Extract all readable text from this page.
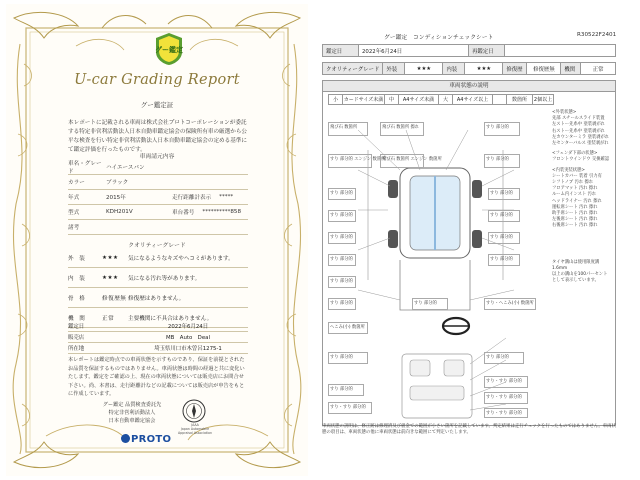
グー鑑定
U-car Grading Report
グー鑑定証
本レポートに記載される車両は株式会社プロトコーポレーションが委託する特定非営利活動法人日本自動車鑑定協会の保険所有車の厳選から公平な検査を行い特定非営利活動法人日本自動車鑑定協会の定める基準にて鑑定評価を行ったものです。
車両請元内容
車名・グレード
ハイエースバン
カラー	ブラック
年式	2015年	走行距離計表示 *****
型式	KDH201V	車台番号 **********858
諸考
クオリティーグレード
外　装	★★★	気になるようなキズやヘコミがあります。
内　装	★★★	気になる汚れ等があります。
骨　格	修復歴無 修復歴はありません。
機　関	正常	主要機関に不具合はありません。
鑑定日	2022年6月24日
販売店	MB　Auto　Deal
所在地	埼玉県川口市木曽呂1275-1
本レポートは鑑定時点での車両状態を示すものであり、保証を前提とされたお品質を保証するものではありません。車両状態は時間の経過と共に変化いたします。鑑定をご確認の上、現在の車両状態については販売店にお問合せ下さい。尚、本書は、走行距離計などの記載については販売店が申告をもとに作成しています。
グー鑑定 品質検査委託先
特定非営利活動法人
日本自動車鑑定協会
JAAA
Japan Automobile Appraisal Association
PROTO
グー鑑定　コンディションチェックシート	R30522F2401
鑑定日	2022年6月24日	再鑑定日	
クオリティーグレード	外装	★★★	内装	★★★	修復歴	修復歴無	機関	正常
車両状態の説明
小	カードサイズ未満	中	A4サイズ未満	大	A4サイズ以上	数箇所	2個以上
飛び石 数箇所	飛び石 数箇所 擦れ	すり 部分的
すり 部分的 エンジン 数箇所
飛び石 数箇所 エンジン 数箇所	すり 部分的
すり 部分的	すり 部分的
すり 部分的	すり 部分的
すり 部分的	すり 部分的
すり 部分的	すり 部分的
すり 部分的
すり 部分的	すり 部分的	すり・へこみ(小) 数箇所
へこみ(小) 数箇所
すり 部分的
すり 部分的
すり・すり 部分的
すり・すり 部分的
すり・すり 部分的
すり 部分的
すり・すり 部分的
<外装状態>
先部 スチールスライド装置
左ストー先糸中 塗装剥がれ
右ストー先糸中 塗装剥がれ
左カウンターミラ 塗装剥がれ
左センターバルス 塗装剥がれ
<フェンダ下部の状態>
フロントウインドウ 交換確認
<内装実装状態>
シートカバー 装着 引力有
シフトノブ 汚れ 擦れ
フロアマット 汚れ 擦れ
ルーム内インスト 汚れ
ヘッドライナー 汚れ 擦れ
運転席シート 汚れ 擦れ
助手席シート 汚れ 擦れ
左後席シート 汚れ 擦れ
右後席シート 汚れ 擦れ
タイヤ溝山は使用限度溝1.6mm
以上の溝山を100パーセント
として表示しています。
車両状態の説明は、修正跡は修理済及び板金での範囲が小さい箇所を記載しています。判定結果は走行チェックを行ったものではありません。車両状態の項目は、車両状態の他に車両状態は前向きな範囲にて判定いたします。
